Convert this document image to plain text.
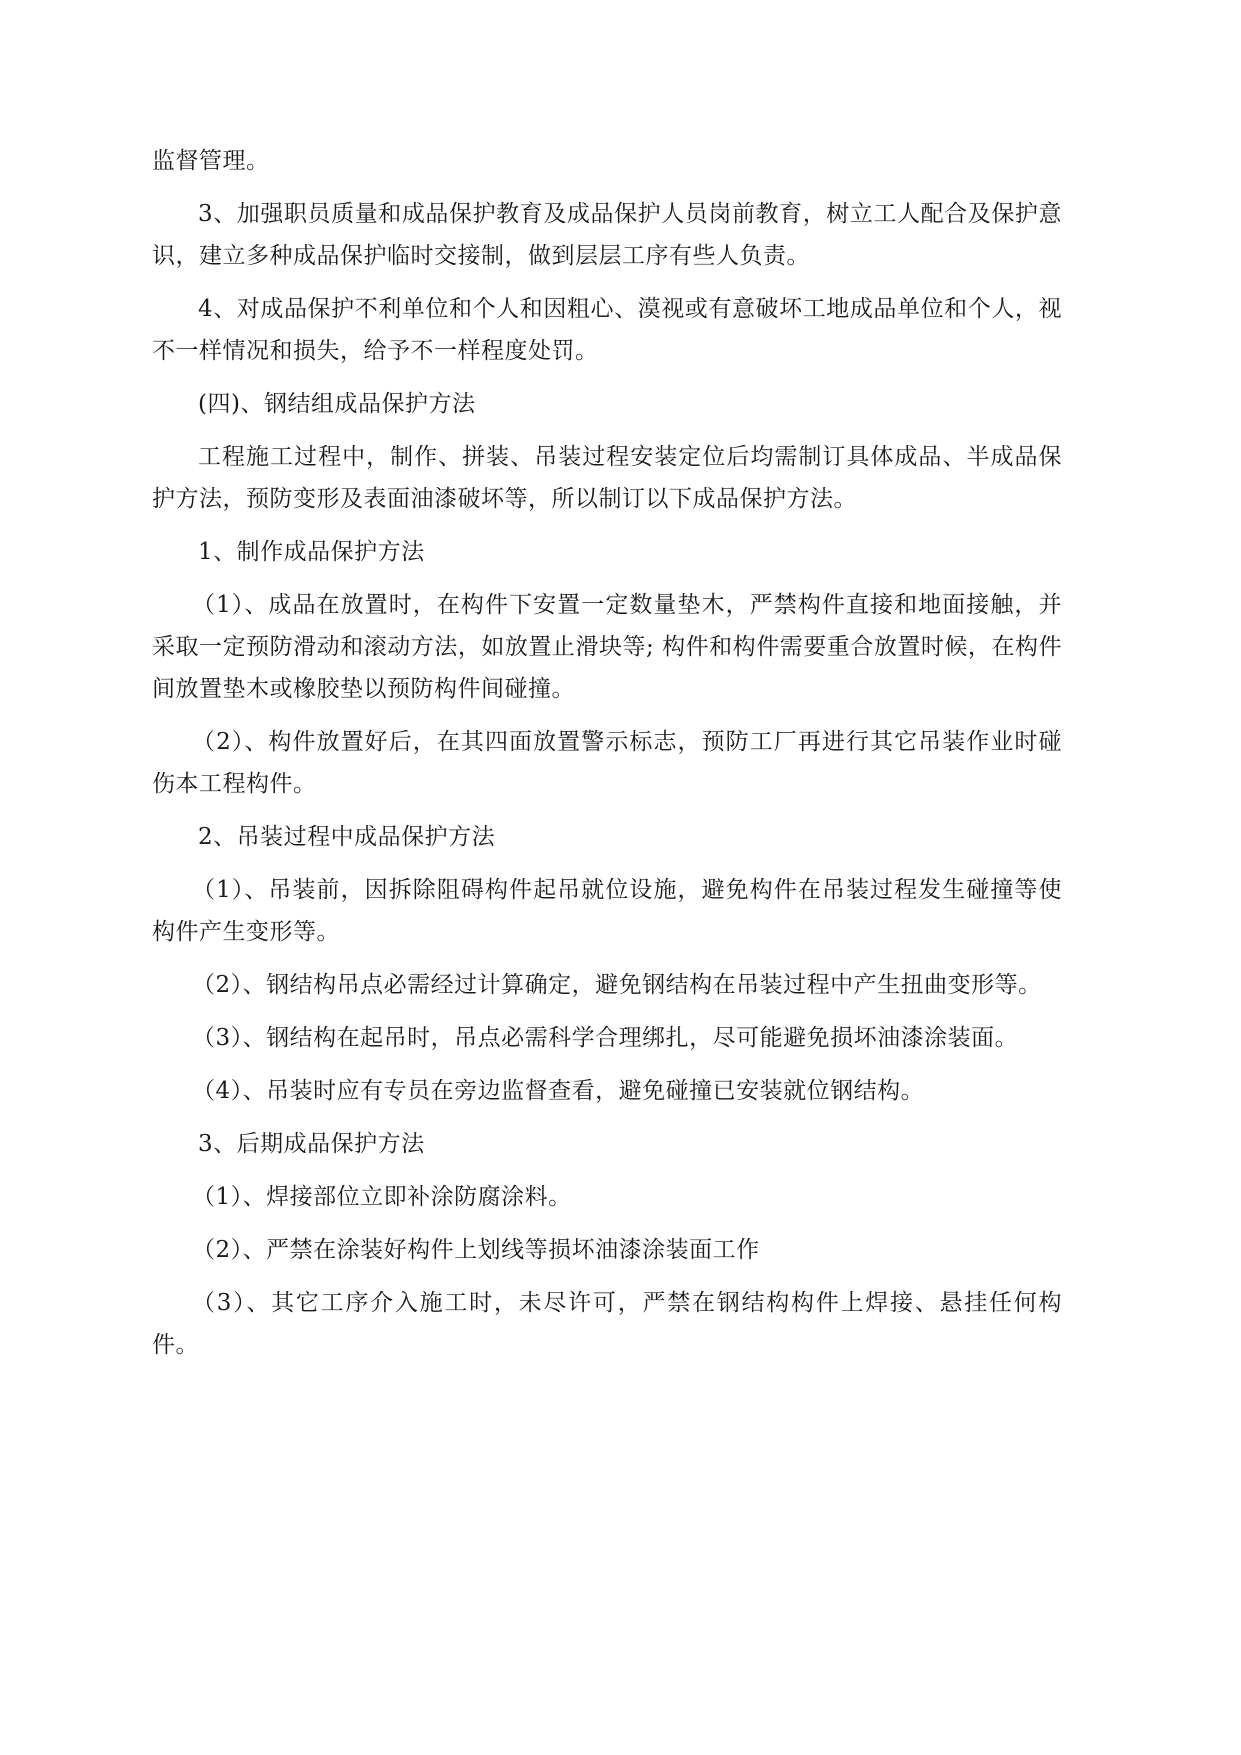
监督管理。

3、加强职员质量和成品保护教育及成品保护人员岗前教育，树立工人配合及保护意识，建立多种成品保护临时交接制，做到层层工序有些人负责。

4、对成品保护不利单位和个人和因粗心、漠视或有意破坏工地成品单位和个人，视不一样情况和损失，给予不一样程度处罚。

(四)、钢结组成品保护方法

工程施工过程中，制作、拼装、吊装过程安装定位后均需制订具体成品、半成品保护方法，预防变形及表面油漆破坏等，所以制订以下成品保护方法。

1、制作成品保护方法

（1）、成品在放置时，在构件下安置一定数量垫木，严禁构件直接和地面接触，并采取一定预防滑动和滚动方法，如放置止滑块等; 构件和构件需要重合放置时候，在构件间放置垫木或橡胶垫以预防构件间碰撞。

（2）、构件放置好后，在其四面放置警示标志，预防工厂再进行其它吊装作业时碰伤本工程构件。

2、吊装过程中成品保护方法

（1）、吊装前，因拆除阻碍构件起吊就位设施，避免构件在吊装过程发生碰撞等使构件产生变形等。

（2）、钢结构吊点必需经过计算确定，避免钢结构在吊装过程中产生扭曲变形等。

（3）、钢结构在起吊时，吊点必需科学合理绑扎，尽可能避免损坏油漆涂装面。

（4）、吊装时应有专员在旁边监督查看，避免碰撞已安装就位钢结构。

3、后期成品保护方法

（1）、焊接部位立即补涂防腐涂料。

（2）、严禁在涂装好构件上划线等损坏油漆涂装面工作

（3）、其它工序介入施工时，未尽许可，严禁在钢结构构件上焊接、悬挂任何构件。
